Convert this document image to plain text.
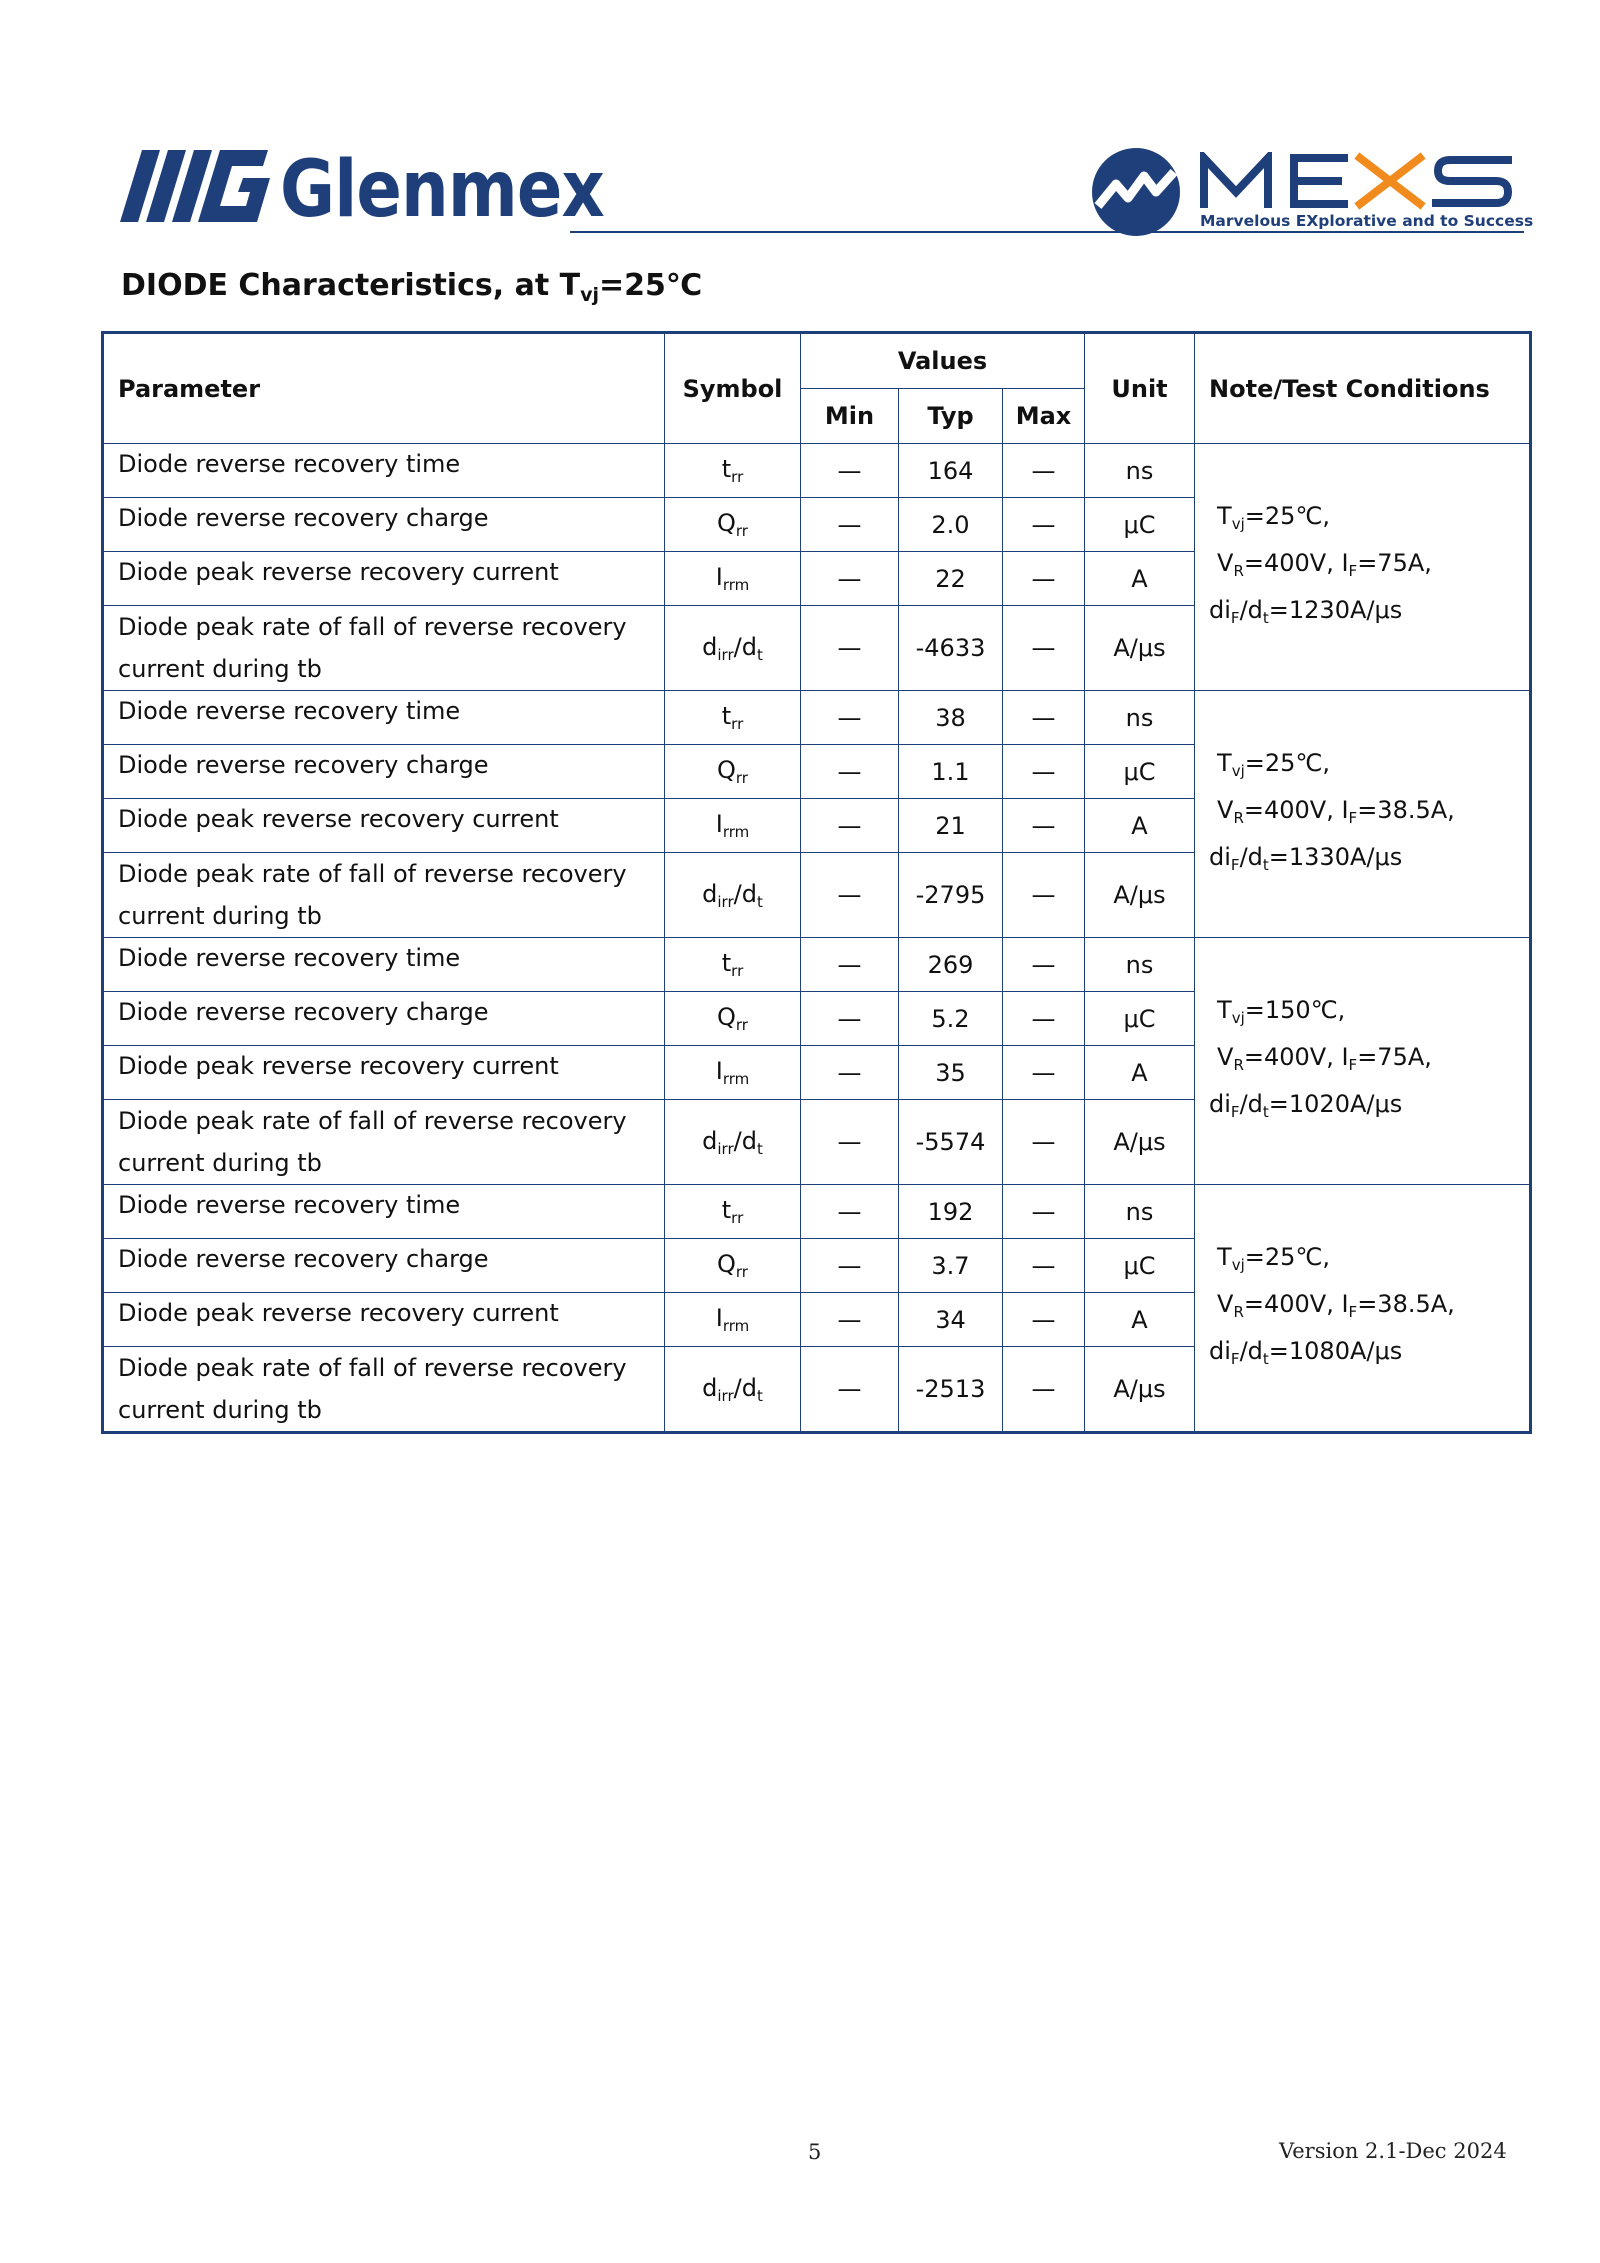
Glenmex	Marvelous EXplorative and to Success
DIODE Characteristics, at $T_{vj}=25℃$
Parameter	Symbol	Values			Unit	Note/Test Conditions
		Min	Typ	Max		
Diode reverse recovery time	$t_{rr}$	—	164	—	ns	$T_{vj}=25℃$,
$V_R=400V$, $I_F=75A$,
$di_F/d_t=1230A/\mu s$

Diode reverse recovery charge	$Q_{rr}$	—	2.0	—	μC	
Diode peak reverse recovery current	$I_{rrm}$	—	22	—	A	
Diode peak rate of fall of reverse recovery
current during tb	$d_{irr}/d_t$	—	-4633	—	A/μs	
Diode reverse recovery time	$t_{rr}$	—	38	—	ns	$T_{vj}=25℃$,
$V_R=400V$, $I_F=38.5A$,
$di_F/d_t=1330A/\mu s$

Diode reverse recovery charge	$Q_{rr}$	—	1.1	—	μC	
Diode peak reverse recovery current	$I_{rrm}$	—	21	—	A	
Diode peak rate of fall of reverse recovery
current during tb	$d_{irr}/d_t$	—	-2795	—	A/μs	
Diode reverse recovery time	$t_{rr}$	—	269	—	ns	$T_{vj}=150℃$,
$V_R=400V$, $I_F=75A$,
$di_F/d_t=1020A/\mu s$

Diode reverse recovery charge	$Q_{rr}$	—	5.2	—	μC	
Diode peak reverse recovery current	$I_{rrm}$	—	35	—	A	
Diode peak rate of fall of reverse recovery
current during tb	$d_{irr}/d_t$	—	-5574	—	A/μs	
Diode reverse recovery time	$t_{rr}$	—	192	—	ns	$T_{vj}=25℃$,
$V_R=400V$, $I_F=38.5A$,
$di_F/d_t=1080A/\mu s$

Diode reverse recovery charge	$Q_{rr}$	—	3.7	—	μC	
Diode peak reverse recovery current	$I_{rrm}$	—	34	—	A	
Diode peak rate of fall of reverse recovery
current during tb	$d_{irr}/d_t$	—	-2513	—	A/μs	
5	Version 2.1-Dec 2024
